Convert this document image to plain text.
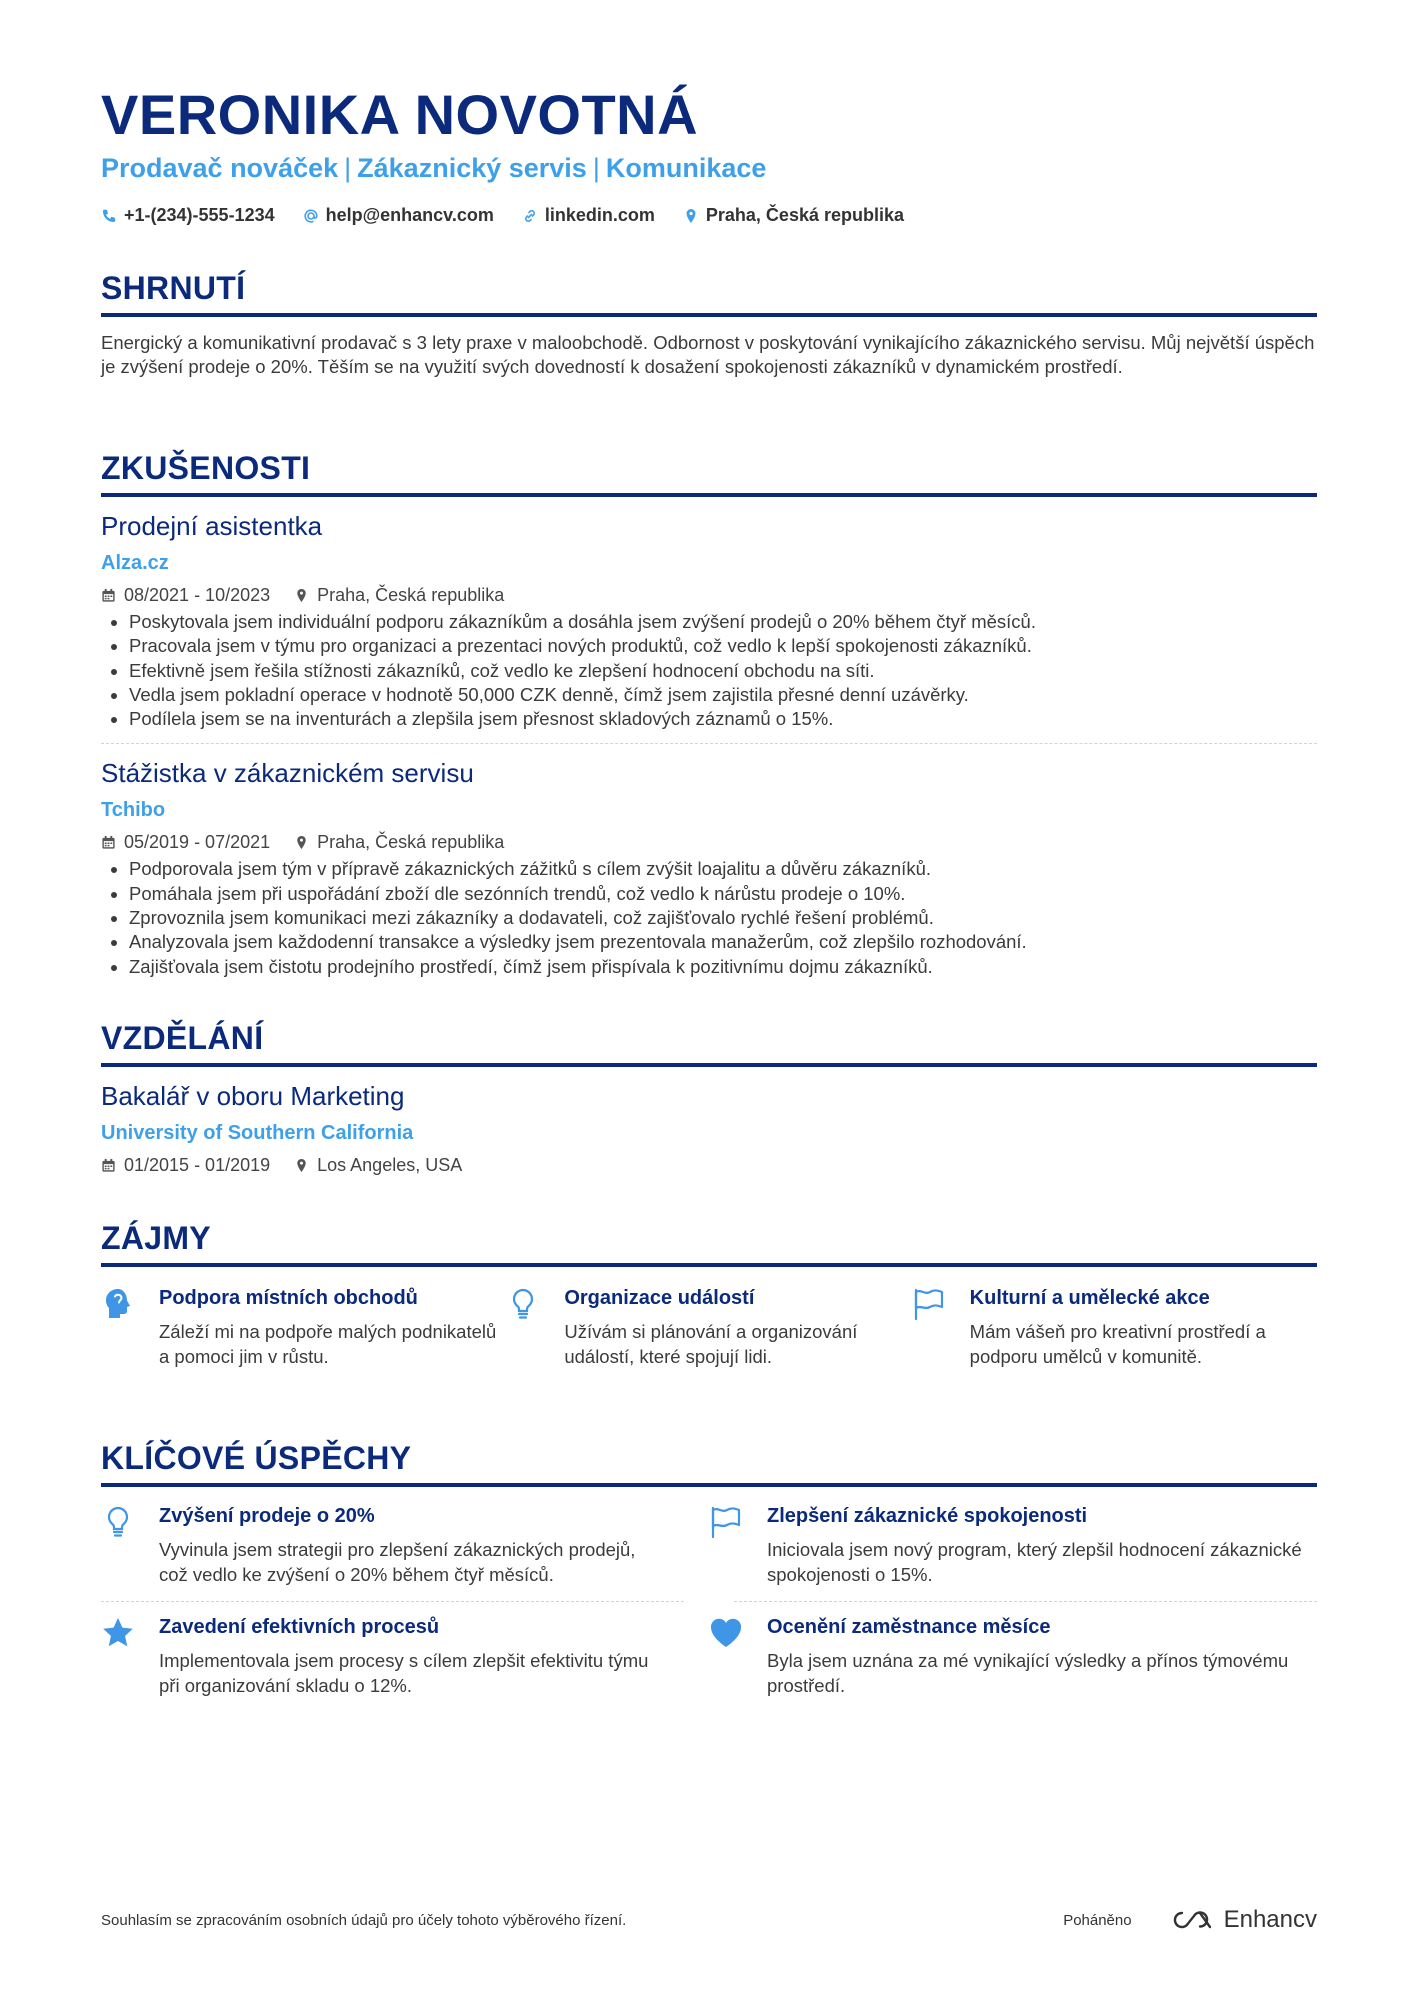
VERONIKA NOVOTNÁ
Prodavač nováček | Zákaznický servis | Komunikace
+1-(234)-555-1234	help@enhancv.com	linkedin.com	Praha, Česká republika
SHRNUTÍ
Energický a komunikativní prodavač s 3 lety praxe v maloobchodě. Odbornost v poskytování vynikajícího zákaznického servisu. Můj největší úspěch je zvýšení prodeje o 20%. Těším se na využití svých dovedností k dosažení spokojenosti zákazníků v dynamickém prostředí.
ZKUŠENOSTI
Prodejní asistentka
Alza.cz
08/2021 - 10/2023	Praha, Česká republika
• Poskytovala jsem individuální podporu zákazníkům a dosáhla jsem zvýšení prodejů o 20% během čtyř měsíců.
• Pracovala jsem v týmu pro organizaci a prezentaci nových produktů, což vedlo k lepší spokojenosti zákazníků.
• Efektivně jsem řešila stížnosti zákazníků, což vedlo ke zlepšení hodnocení obchodu na síti.
• Vedla jsem pokladní operace v hodnotě 50,000 CZK denně, čímž jsem zajistila přesné denní uzávěrky.
• Podílela jsem se na inventurách a zlepšila jsem přesnost skladových záznamů o 15%.
Stážistka v zákaznickém servisu
Tchibo
05/2019 - 07/2021	Praha, Česká republika
• Podporovala jsem tým v přípravě zákaznických zážitků s cílem zvýšit loajalitu a důvěru zákazníků.
• Pomáhala jsem při uspořádání zboží dle sezónních trendů, což vedlo k nárůstu prodeje o 10%.
• Zprovoznila jsem komunikaci mezi zákazníky a dodavateli, což zajišťovalo rychlé řešení problémů.
• Analyzovala jsem každodenní transakce a výsledky jsem prezentovala manažerům, což zlepšilo rozhodování.
• Zajišťovala jsem čistotu prodejního prostředí, čímž jsem přispívala k pozitivnímu dojmu zákazníků.
VZDĚLÁNÍ
Bakalář v oboru Marketing
University of Southern California
01/2015 - 01/2019	Los Angeles, USA
ZÁJMY
Podpora místních obchodů
Záleží mi na podpoře malých podnikatelů a pomoci jim v růstu.
Organizace událostí
Užívám si plánování a organizování událostí, které spojují lidi.
Kulturní a umělecké akce
Mám vášeň pro kreativní prostředí a podporu umělců v komunitě.
KLÍČOVÉ ÚSPĚCHY
Zvýšení prodeje o 20%
Vyvinula jsem strategii pro zlepšení zákaznických prodejů, což vedlo ke zvýšení o 20% během čtyř měsíců.
Zlepšení zákaznické spokojenosti
Iniciovala jsem nový program, který zlepšil hodnocení zákaznické spokojenosti o 15%.
Zavedení efektivních procesů
Implementovala jsem procesy s cílem zlepšit efektivitu týmu při organizování skladu o 12%.
Ocenění zaměstnance měsíce
Byla jsem uznána za mé vynikající výsledky a přínos týmovému prostředí.
Souhlasím se zpracováním osobních údajů pro účely tohoto výběrového řízení.	Poháněno	Enhancv
